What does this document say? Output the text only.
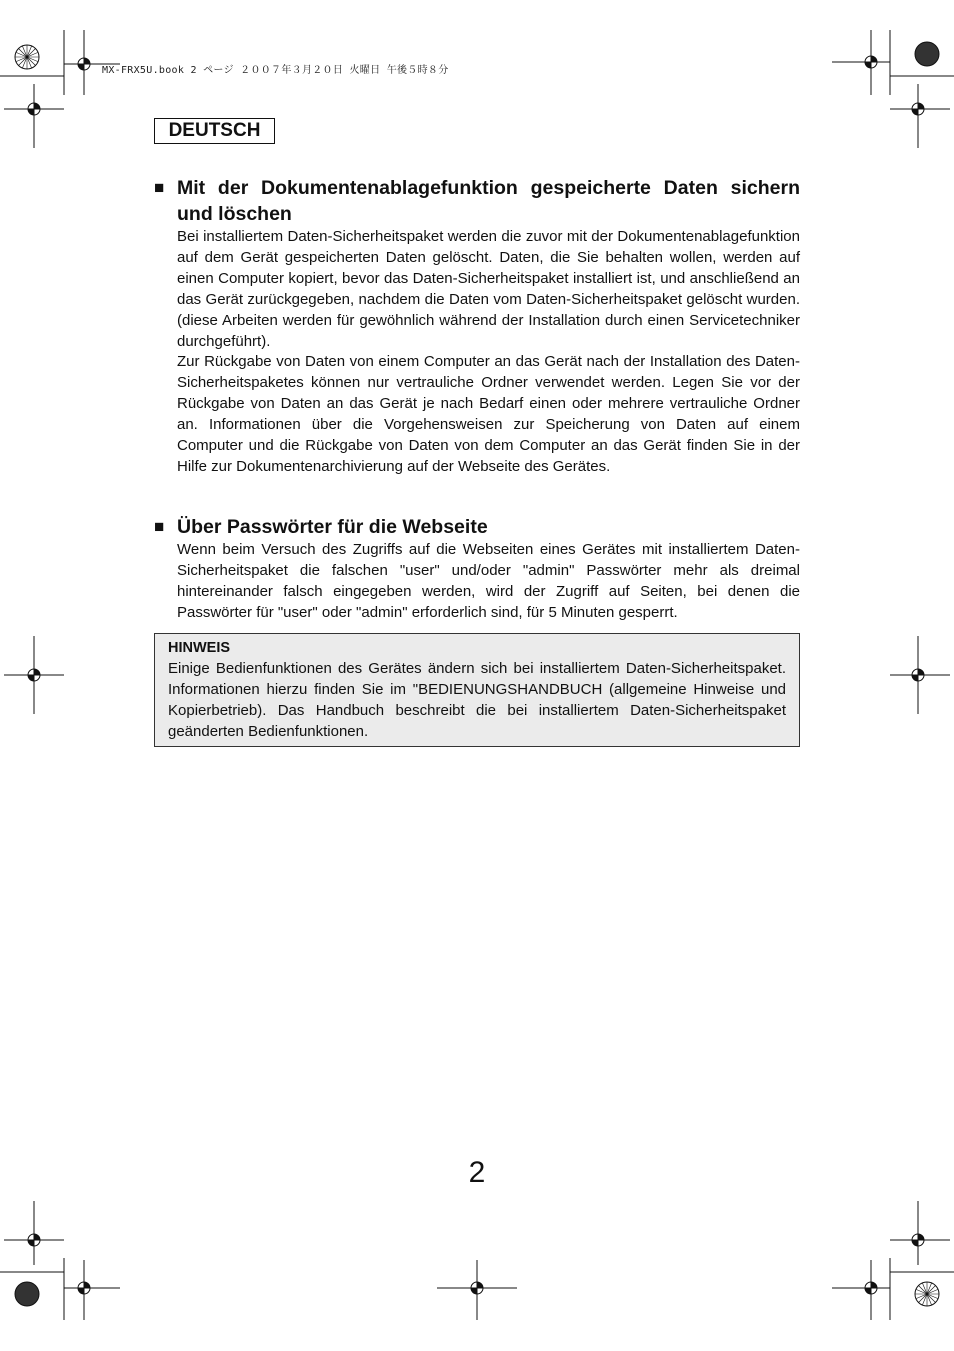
MX-FRX5U.book 2 ページ ２００７年３月２０日 火曜日 午後５時８分
DEUTSCH
■ Mit der Dokumentenablagefunktion gespeicherte Daten sichern und löschen

Bei installiertem Daten-Sicherheitspaket werden die zuvor mit der Dokumentenablagefunktion auf dem Gerät gespeicherten Daten gelöscht. Daten, die Sie behalten wollen, werden auf einen Computer kopiert, bevor das Daten-Sicherheitspaket installiert ist, und anschließend an das Gerät zurückgegeben, nachdem die Daten vom Daten-Sicherheitspaket gelöscht wurden. (diese Arbeiten werden für gewöhnlich während der Installation durch einen Servicetechniker durchgeführt).

Zur Rückgabe von Daten von einem Computer an das Gerät nach der Installation des Daten-Sicherheitspaketes können nur vertrauliche Ordner verwendet werden. Legen Sie vor der Rückgabe von Daten an das Gerät je nach Bedarf einen oder mehrere vertrauliche Ordner an. Informationen über die Vorgehensweisen zur Speicherung von Daten auf einem Computer und die Rückgabe von Daten von dem Computer an das Gerät finden Sie in der Hilfe zur Dokumentenarchivierung auf der Webseite des Gerätes.

■ Über Passwörter für die Webseite

Wenn beim Versuch des Zugriffs auf die Webseiten eines Gerätes mit installiertem Daten-Sicherheitspaket die falschen "user" und/oder "admin" Passwörter mehr als dreimal hintereinander falsch eingegeben werden, wird der Zugriff auf Seiten, bei denen die Passwörter für "user" oder "admin" erforderlich sind, für 5 Minuten gesperrt.

HINWEIS

Einige Bedienfunktionen des Gerätes ändern sich bei installiertem Daten-Sicherheitspaket. Informationen hierzu finden Sie im "BEDIENUNGSHANDBUCH (allgemeine Hinweise und Kopierbetrieb). Das Handbuch beschreibt die bei installiertem Daten-Sicherheitspaket geänderten Bedienfunktionen.

2
